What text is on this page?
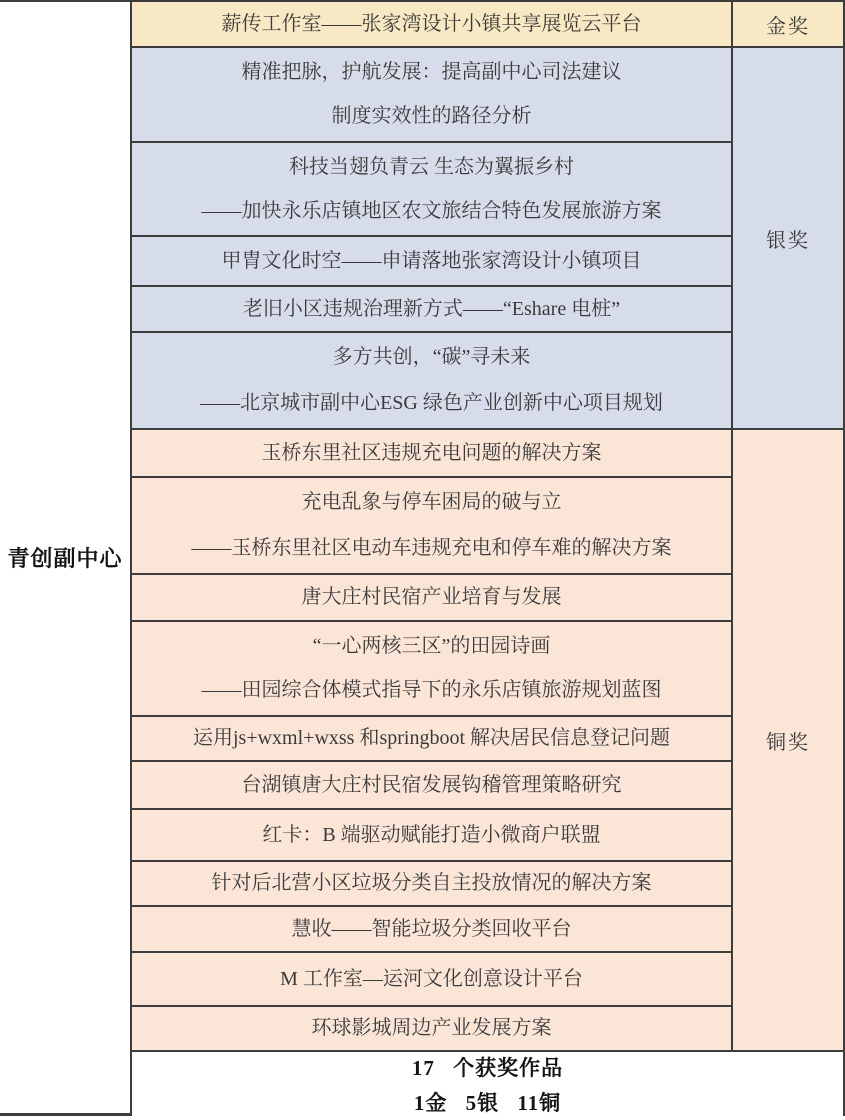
青创副中心
薪传工作室——张家湾设计小镇共享展览云平台	金奖
精准把脉，护航发展：提高副中心司法建议
制度实效性的路径分析
科技当翅负青云 生态为翼振乡村
——加快永乐店镇地区农文旅结合特色发展旅游方案
甲胄文化时空——申请落地张家湾设计小镇项目
老旧小区违规治理新方式——“Eshare 电桩”
多方共创，“碳”寻未来
——北京城市副中心ESG 绿色产业创新中心项目规划
银奖
玉桥东里社区违规充电问题的解决方案
充电乱象与停车困局的破与立
——玉桥东里社区电动车违规充电和停车难的解决方案
唐大庄村民宿产业培育与发展
“一心两核三区”的田园诗画
——田园综合体模式指导下的永乐店镇旅游规划蓝图
运用js+wxml+wxss 和springboot 解决居民信息登记问题
台湖镇唐大庄村民宿发展钩稽管理策略研究
红卡：B 端驱动赋能打造小微商户联盟
针对后北营小区垃圾分类自主投放情况的解决方案
慧收——智能垃圾分类回收平台
M 工作室—运河文化创意设计平台
环球影城周边产业发展方案
铜奖
17 个获奖作品
1金 5银 11铜
